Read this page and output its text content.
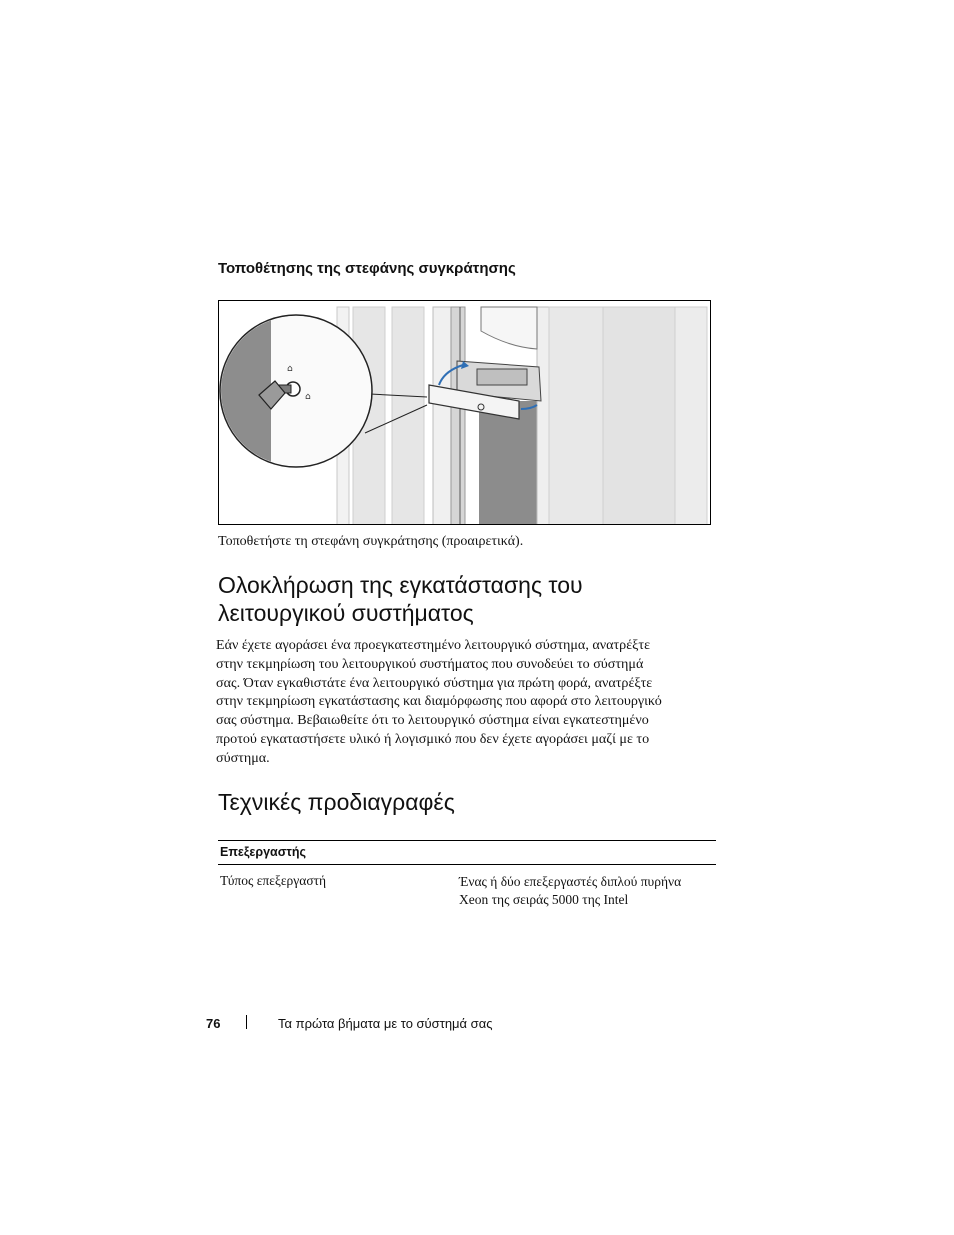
Τοποθέτησης της στεφάνης συγκράτησης
⌂
⌂
Τοποθετήστε τη στεφάνη συγκράτησης (προαιρετικά).
Ολοκλήρωση της εγκατάστασης του
λειτουργικού συστήματος

Εάν έχετε αγοράσει ένα προεγκατεστημένο λειτουργικό σύστημα, ανατρέξτε

στην τεκμηρίωση του λειτουργικού συστήματος που συνοδεύει το σύστημά

σας. Όταν εγκαθιστάτε ένα λειτουργικό σύστημα για πρώτη φορά, ανατρέξτε

στην τεκμηρίωση εγκατάστασης και διαμόρφωσης που αφορά στο λειτουργικό

σας σύστημα. Βεβαιωθείτε ότι το λειτουργικό σύστημα είναι εγκατεστημένο

προτού εγκαταστήσετε υλικό ή λογισμικό που δεν έχετε αγοράσει μαζί με το

σύστημα.

Τεχνικές προδιαγραφές
Επεξεργαστής
Τύπος επεξεργαστή	Ένας ή δύο επεξεργαστές διπλού πυρήνα
Xeon της σειράς 5000 της Intel
76	Τα πρώτα βήματα με το σύστημά σας
